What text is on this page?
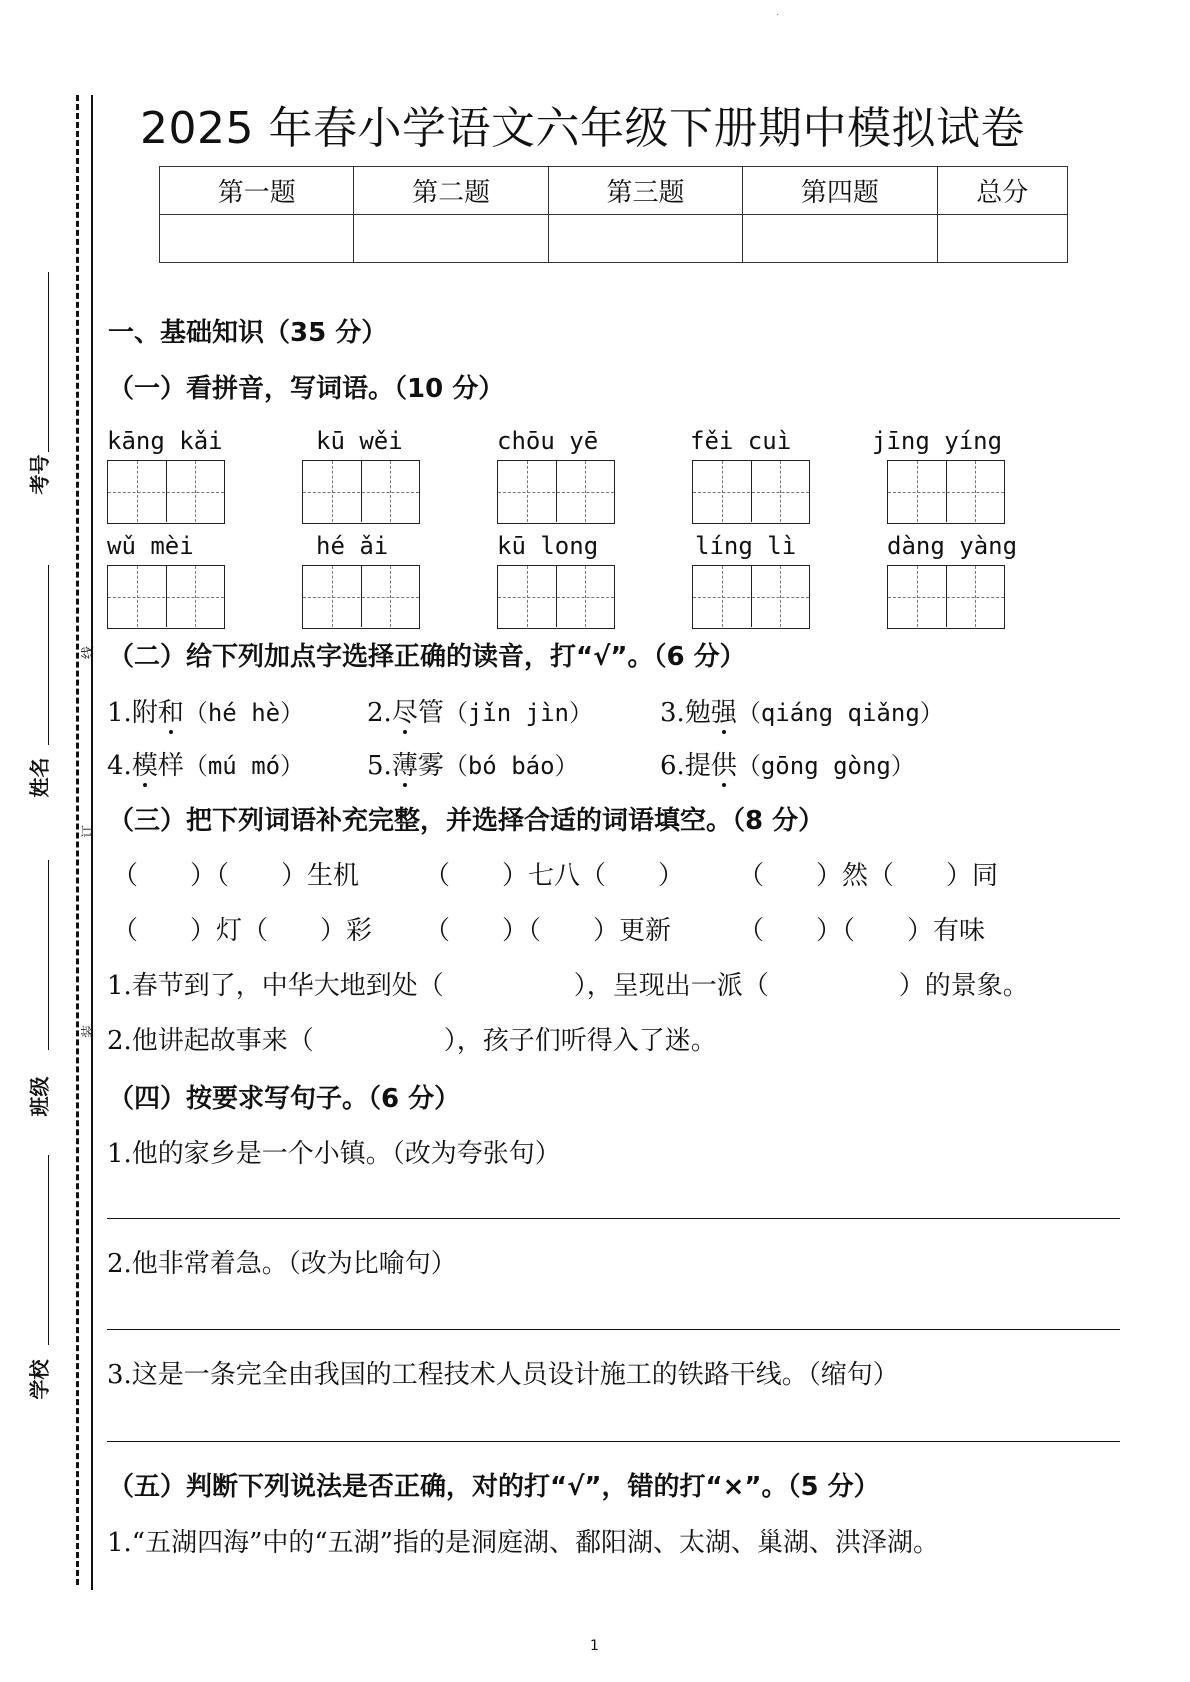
·
考号
姓名
班级
学校
线
订
装
2025 年春小学语文六年级下册期中模拟试卷
第一题	第二题	第三题	第四题	总分

一、基础知识（35 分）
（一）看拼音，写词语。（10 分）
kāng kǎi	kū wěi	chōu yē	fěi cuì	jīng yíng
wǔ mèi	hé ǎi	kū long	líng lì	dàng yàng
（二）给下列加点字选择正确的读音，打“√”。（6 分）
1.附和（hé hè） 2.尽管（jǐn jìn）	3.勉强（qiáng qiǎng）
4.模样（mú mó） 5.薄雾（bó báo）	6.提供（gōng gòng）
（三）把下列词语补充完整，并选择合适的词语填空。（8 分）
（　　）（　　）生机 （　　）七八（　　） （　　）然（　　）同
（　　）灯（　　）彩 （　　）（　　）更新	（　　）（　　）有味
1.春节到了，中华大地到处（　　　　　），呈现出一派（　　　　　）的景象。
2.他讲起故事来（　　　　　），孩子们听得入了迷。
（四）按要求写句子。（6 分）
1.他的家乡是一个小镇。（改为夸张句）
2.他非常着急。（改为比喻句）
3.这是一条完全由我国的工程技术人员设计施工的铁路干线。（缩句）
（五）判断下列说法是否正确，对的打“√”，错的打“×”。（5 分）
1.“五湖四海”中的“五湖”指的是洞庭湖、鄱阳湖、太湖、巢湖、洪泽湖。
1
